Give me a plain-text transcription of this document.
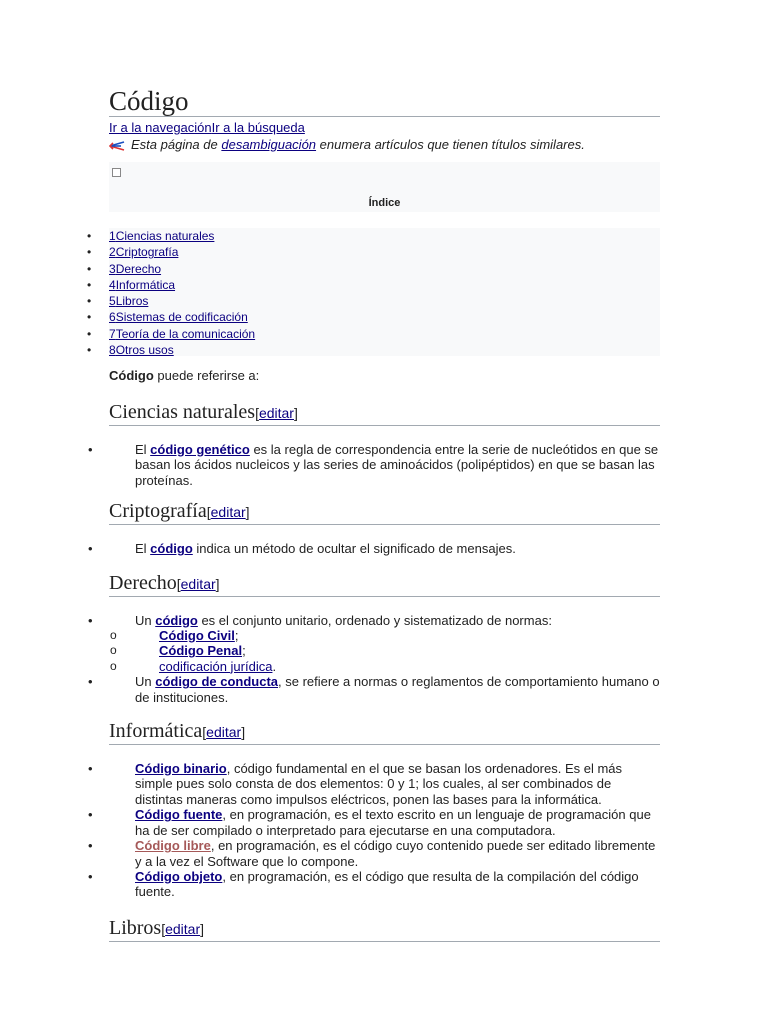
Código
Ir a la navegaciónIr a la búsqueda
Esta página de desambiguación enumera artículos que tienen títulos similares.
Índice
• 1Ciencias naturales
• 2Criptografía
• 3Derecho
• 4Informática
• 5Libros
• 6Sistemas de codificación
• 7Teoría de la comunicación
• 8Otros usos
Código puede referirse a:
Ciencias naturales[editar]
• El código genético es la regla de correspondencia entre la serie de nucleótidos en que se basan los ácidos nucleicos y las series de aminoácidos (polipéptidos) en que se basan las proteínas.
Criptografía[editar]
• El código indica un método de ocultar el significado de mensajes.
Derecho[editar]
• Un código es el conjunto unitario, ordenado y sistematizado de normas:
o Código Civil;
o Código Penal;
o codificación jurídica.
• Un código de conducta, se refiere a normas o reglamentos de comportamiento humano o de instituciones.
Informática[editar]
• Código binario, código fundamental en el que se basan los ordenadores. Es el más simple pues solo consta de dos elementos: 0 y 1; los cuales, al ser combinados de distintas maneras como impulsos eléctricos, ponen las bases para la informática.
• Código fuente, en programación, es el texto escrito en un lenguaje de programación que ha de ser compilado o interpretado para ejecutarse en una computadora.
• Código libre, en programación, es el código cuyo contenido puede ser editado libremente y a la vez el Software que lo compone.
• Código objeto, en programación, es el código que resulta de la compilación del código fuente.
Libros[editar]
